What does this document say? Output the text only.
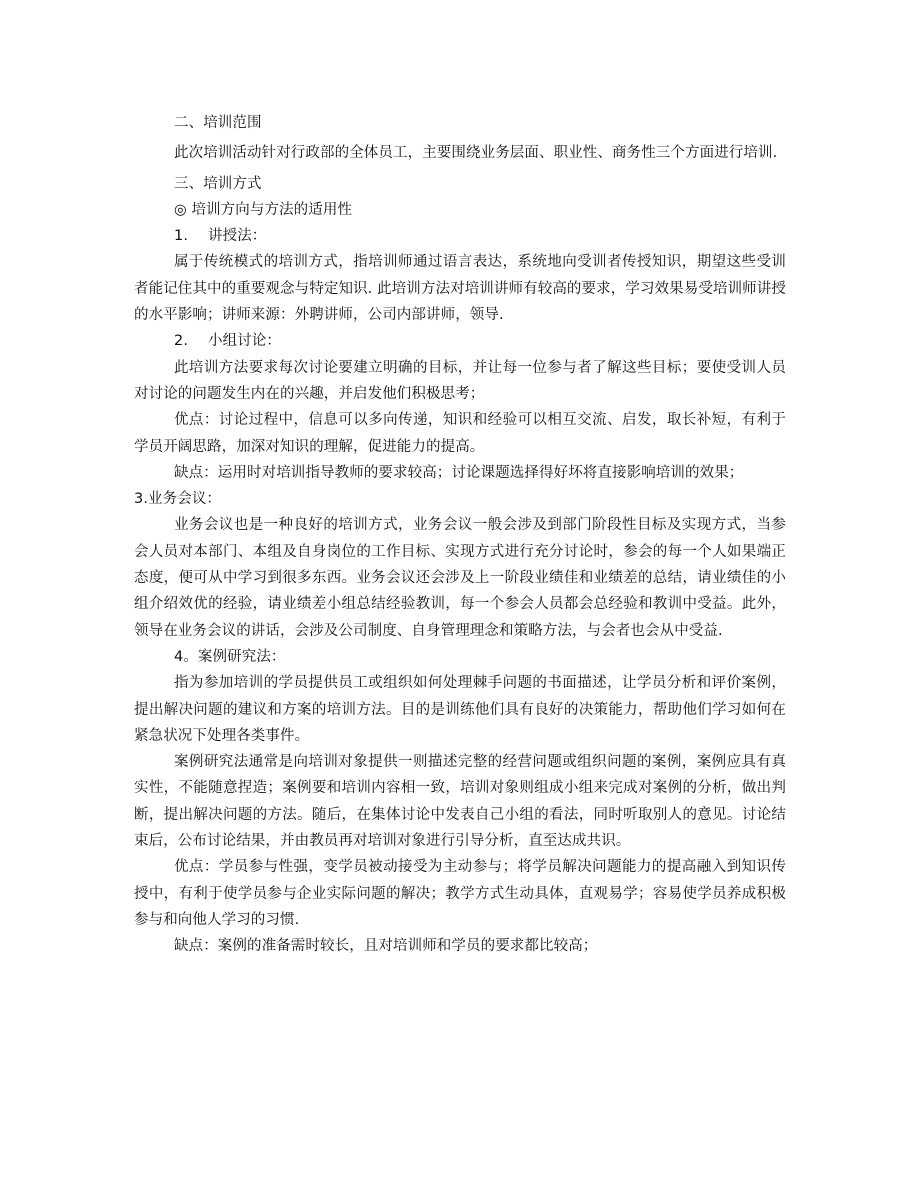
二、培训范围

此次培训活动针对行政部的全体员工，主要围绕业务层面、职业性、商务性三个方面进行培训.

三、培训方式

◎ 培训方向与方法的适用性

1. 讲授法：

属于传统模式的培训方式，指培训师通过语言表达，系统地向受训者传授知识，期望这些受训者能记住其中的重要观念与特定知识. 此培训方法对培训讲师有较高的要求，学习效果易受培训师讲授的水平影响；讲师来源：外聘讲师，公司内部讲师，领导.

2. 小组讨论：

此培训方法要求每次讨论要建立明确的目标，并让每一位参与者了解这些目标；要使受训人员对讨论的问题发生内在的兴趣，并启发他们积极思考；

优点：讨论过程中，信息可以多向传递，知识和经验可以相互交流、启发，取长补短，有利于学员开阔思路，加深对知识的理解，促进能力的提高。

缺点：运用时对培训指导教师的要求较高；讨论课题选择得好坏将直接影响培训的效果；

3.业务会议：

业务会议也是一种良好的培训方式，业务会议一般会涉及到部门阶段性目标及实现方式，当参会人员对本部门、本组及自身岗位的工作目标、实现方式进行充分讨论时，参会的每一个人如果端正态度，便可从中学习到很多东西。业务会议还会涉及上一阶段业绩佳和业绩差的总结，请业绩佳的小组介绍效优的经验，请业绩差小组总结经验教训，每一个参会人员都会总经验和教训中受益。此外，领导在业务会议的讲话，会涉及公司制度、自身管理理念和策略方法，与会者也会从中受益.

4。案例研究法：

指为参加培训的学员提供员工或组织如何处理棘手问题的书面描述，让学员分析和评价案例，提出解决问题的建议和方案的培训方法。目的是训练他们具有良好的决策能力，帮助他们学习如何在紧急状况下处理各类事件。

案例研究法通常是向培训对象提供一则描述完整的经营问题或组织问题的案例，案例应具有真实性，不能随意捏造；案例要和培训内容相一致，培训对象则组成小组来完成对案例的分析，做出判断，提出解决问题的方法。随后，在集体讨论中发表自己小组的看法，同时听取别人的意见。讨论结束后，公布讨论结果，并由教员再对培训对象进行引导分析，直至达成共识。

优点：学员参与性强，变学员被动接受为主动参与；将学员解决问题能力的提高融入到知识传授中，有利于使学员参与企业实际问题的解决；教学方式生动具体，直观易学；容易使学员养成积极参与和向他人学习的习惯.

缺点：案例的准备需时较长，且对培训师和学员的要求都比较高；
